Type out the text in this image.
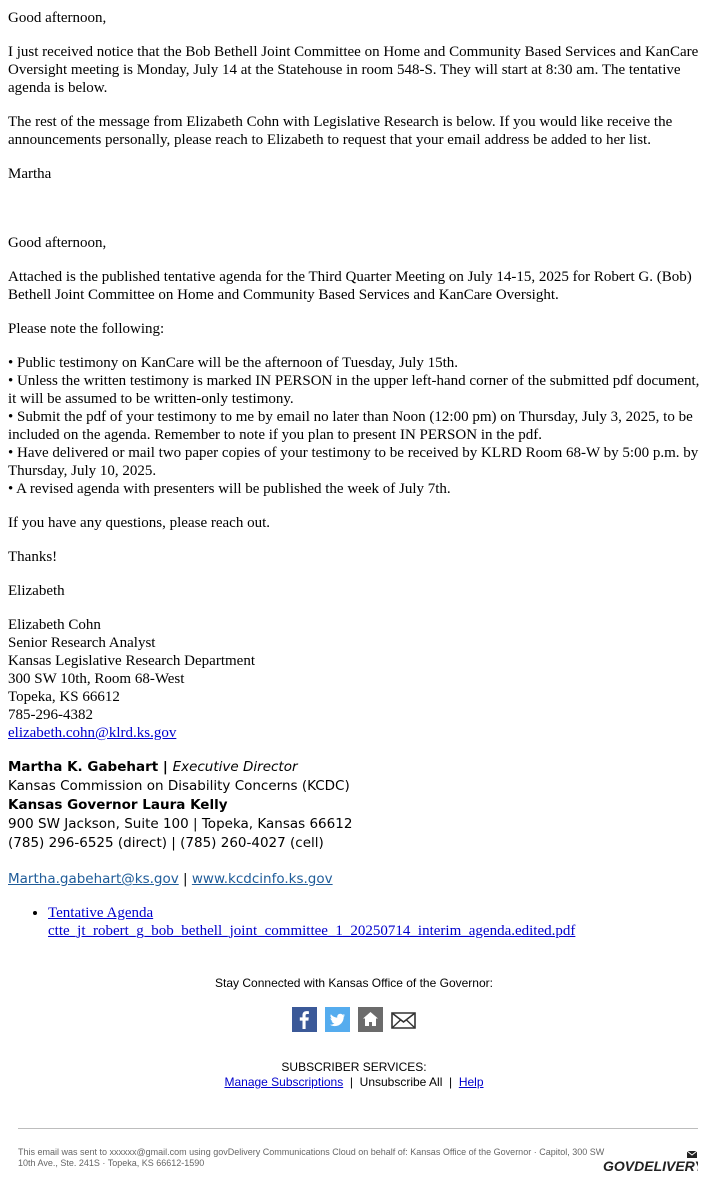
Good afternoon,

I just received notice that the Bob Bethell Joint Committee on Home and Community Based Services and KanCare Oversight meeting is Monday, July 14 at the Statehouse in room 548-S. They will start at 8:30 am. The tentative agenda is below.

The rest of the message from Elizabeth Cohn with Legislative Research is below. If you would like receive the announcements personally, please reach to Elizabeth to request that your email address be added to her list.

Martha

Good afternoon,

Attached is the published tentative agenda for the Third Quarter Meeting on July 14-15, 2025 for Robert G. (Bob) Bethell Joint Committee on Home and Community Based Services and KanCare Oversight.

Please note the following:

• Public testimony on KanCare will be the afternoon of Tuesday, July 15th.

• Unless the written testimony is marked IN PERSON in the upper left-hand corner of the submitted pdf document, it will be assumed to be written-only testimony.

• Submit the pdf of your testimony to me by email no later than Noon (12:00 pm) on Thursday, July 3, 2025, to be included on the agenda. Remember to note if you plan to present IN PERSON in the pdf.

• Have delivered or mail two paper copies of your testimony to be received by KLRD Room 68-W by 5:00 p.m. by Thursday, July 10, 2025.

• A revised agenda with presenters will be published the week of July 7th.

If you have any questions, please reach out.

Thanks!

Elizabeth

Elizabeth Cohn

Senior Research Analyst

Kansas Legislative Research Department

300 SW 10th, Room 68-West

Topeka, KS 66612

785-296-4382

elizabeth.cohn@klrd.ks.gov

Martha K. Gabehart | Executive Director

Kansas Commission on Disability Concerns (KCDC)

Kansas Governor Laura Kelly

900 SW Jackson, Suite 100 | Topeka, Kansas 66612

(785) 296-6525 (direct) | (785) 260-4027 (cell)

Martha.gabehart@ks.gov | www.kcdcinfo.ks.gov

• Tentative Agenda
ctte_jt_robert_g_bob_bethell_joint_committee_1_20250714_interim_agenda.edited.pdf
Stay Connected with Kansas Office of the Governor:
SUBSCRIBER SERVICES:
Manage Subscriptions  |  Unsubscribe All  |  Help
This email was sent to xxxxxx@gmail.com using govDelivery Communications Cloud on behalf of: Kansas Office of the Governor · Capitol, 300 SW 10th Ave., Ste. 241S · Topeka, KS 66612-1590	GOVDELIVERY
